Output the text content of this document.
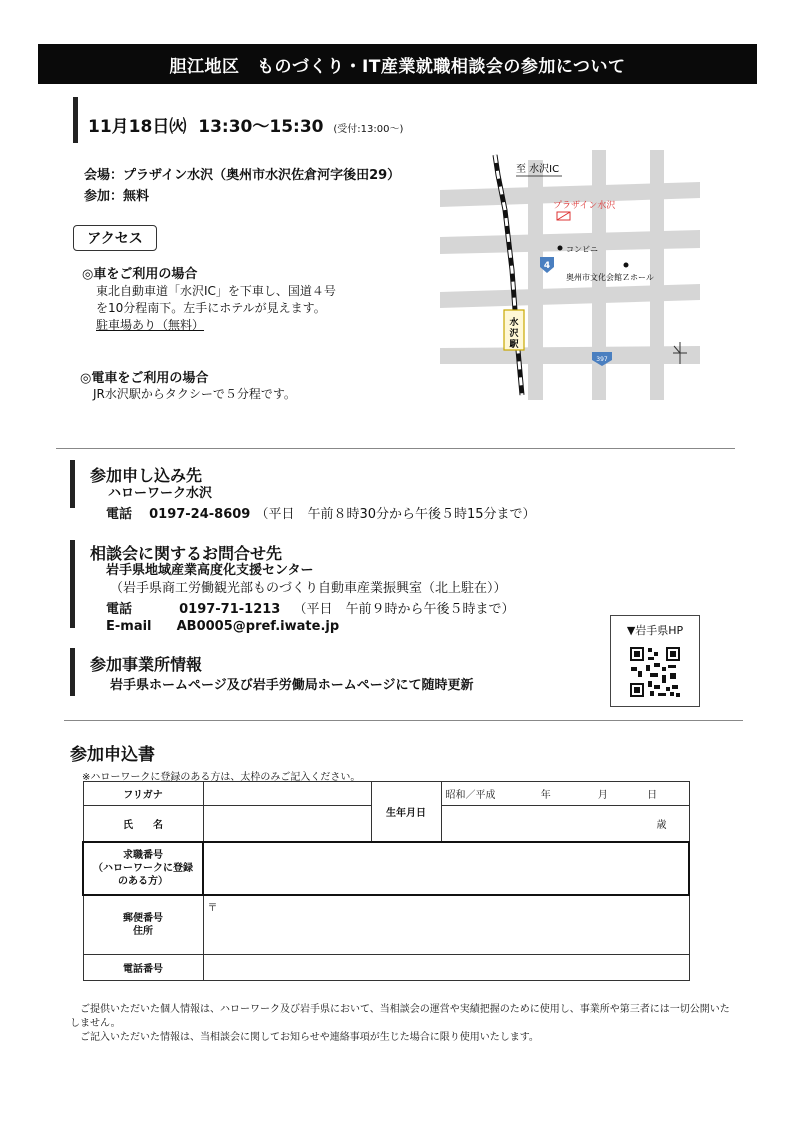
胆江地区　ものづくり・IT産業就職相談会の参加について
11月18日㈫ 13:30〜15:30 (受付:13:00〜)
会場：プラザイン水沢（奥州市水沢佐倉河字後田29）
参加：無料
アクセス
◎車をご利用の場合
東北自動車道「水沢IC」を下車し、国道４号
を10分程南下。左手にホテルが見えます。
駐車場あり（無料）
◎電車をご利用の場合
JR水沢駅からタクシーで５分程です。
水
沢
駅
至 水沢IC
プラザイン水沢
コンビニ
奥州市文化会館Ｚホール
4
397
参加申し込み先
ハローワーク水沢
電話 0197-24-8609 （平日　午前８時30分から午後５時15分まで）
相談会に関するお問合せ先
岩手県地域産業高度化支援センター
（岩手県商工労働観光部ものづくり自動車産業振興室（北上駐在））
電話	0197-71-1213 （平日　午前９時から午後５時まで）
E-mail AB0005@pref.iwate.jp
参加事業所情報
岩手県ホームページ及び岩手労働局ホームページにて随時更新
▼岩手県HP
参加申込書
※ハローワークに登録のある方は、太枠のみご記入ください。
フリガナ		生年月日	昭和／平成 年 月 日
氏　　名			歳

求職番号
（ハローワークに登録
のある方）			

郵便番号
住所	〒		
電話番号			
　ご提供いただいた個人情報は、ハローワーク及び岩手県において、当相談会の運営や実績把握のために使用し、事業所や第三者には一切公開いたしません。
　ご記入いただいた情報は、当相談会に関してお知らせや連絡事項が生じた場合に限り使用いたします。
